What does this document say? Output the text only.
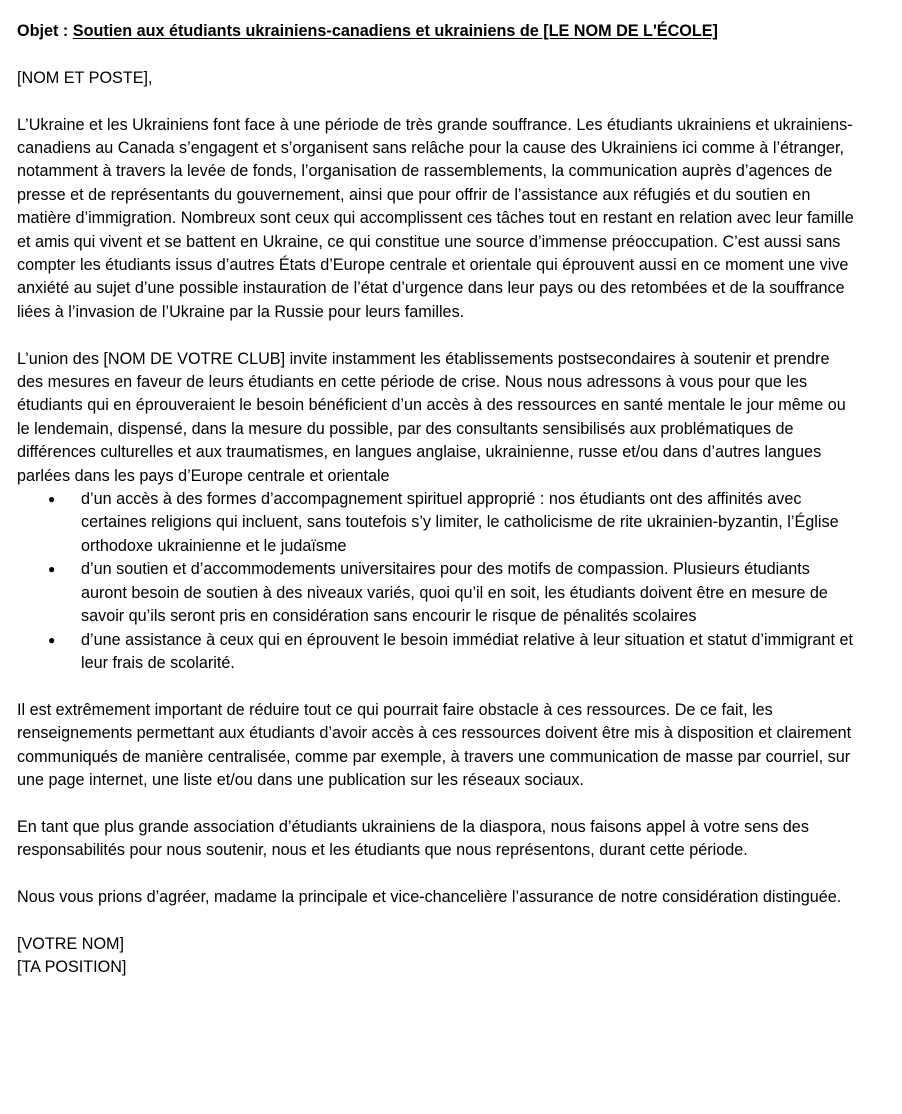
Objet : Soutien aux étudiants ukrainiens-canadiens et ukrainiens de [LE NOM DE L'ÉCOLE]

[NOM ET POSTE],

L’Ukraine et les Ukrainiens font face à une période de très grande souffrance. Les étudiants ukrainiens et ukrainiens-canadiens au Canada s’engagent et s’organisent sans relâche pour la cause des Ukrainiens ici comme à l’étranger, notamment à travers la levée de fonds, l’organisation de rassemblements, la communication auprès d’agences de presse et de représentants du gouvernement, ainsi que pour offrir de l’assistance aux réfugiés et du soutien en matière d’immigration. Nombreux sont ceux qui accomplissent ces tâches tout en restant en relation avec leur famille et amis qui vivent et se battent en Ukraine, ce qui constitue une source d’immense préoccupation. C’est aussi sans compter les étudiants issus d’autres États d’Europe centrale et orientale qui éprouvent aussi en ce moment une vive anxiété au sujet d’une possible instauration de l’état d’urgence dans leur pays ou des retombées et de la souffrance liées à l’invasion de l’Ukraine par la Russie pour leurs familles.

L’union des [NOM DE VOTRE CLUB] invite instamment les établissements postsecondaires à soutenir et prendre des mesures en faveur de leurs étudiants en cette période de crise. Nous nous adressons à vous pour que les étudiants qui en éprouveraient le besoin bénéficient d’un accès à des ressources en santé mentale le jour même ou le lendemain, dispensé, dans la mesure du possible, par des consultants sensibilisés aux problématiques de différences culturelles et aux traumatismes, en langues anglaise, ukrainienne, russe et/ou dans d’autres langues parlées dans les pays d’Europe centrale et orientale

● d’un accès à des formes d’accompagnement spirituel approprié : nos étudiants ont des affinités avec certaines religions qui incluent, sans toutefois s’y limiter, le catholicisme de rite ukrainien-byzantin, l’Église orthodoxe ukrainienne et le judaïsme
● d’un soutien et d’accommodements universitaires pour des motifs de compassion. Plusieurs étudiants auront besoin de soutien à des niveaux variés, quoi qu’il en soit, les étudiants doivent être en mesure de savoir qu’ils seront pris en considération sans encourir le risque de pénalités scolaires
● d’une assistance à ceux qui en éprouvent le besoin immédiat relative à leur situation et statut d’immigrant et leur frais de scolarité.

Il est extrêmement important de réduire tout ce qui pourrait faire obstacle à ces ressources. De ce fait, les renseignements permettant aux étudiants d’avoir accès à ces ressources doivent être mis à disposition et clairement communiqués de manière centralisée, comme par exemple, à travers une communication de masse par courriel, sur une page internet, une liste et/ou dans une publication sur les réseaux sociaux.

En tant que plus grande association d’étudiants ukrainiens de la diaspora, nous faisons appel à votre sens des responsabilités pour nous soutenir, nous et les étudiants que nous représentons, durant cette période.

Nous vous prions d’agréer, madame la principale et vice-chancelière l’assurance de notre considération distinguée.

[VOTRE NOM]

[TA POSITION]
